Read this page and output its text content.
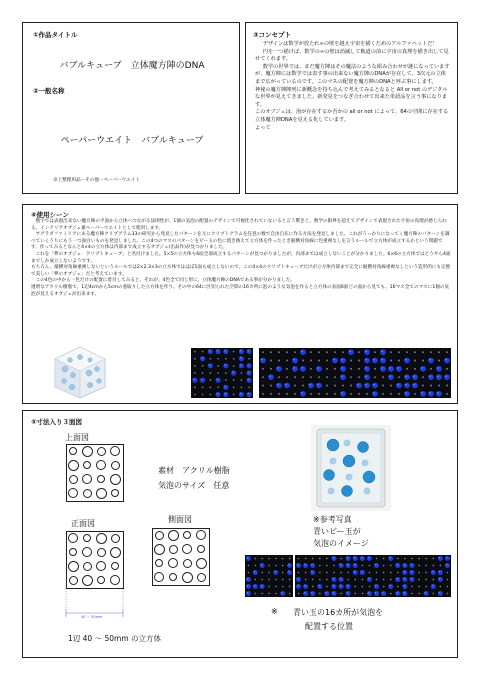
①作品タイトル
バブルキューブ　立体魔方陣のDNA
②一般名称
ペーパーウエイト　バブルキューブ
卓上整理用品－その他－ペーパーウエイト
③コンセプト
デザインは数学が放たれ∞の壁を越え宇宙を描くためのアルファベットだ！
円を一つ描けば、数学の∞の壁は消滅して軌道の前に宇宙の真理を描き出して見せてくれます。
数学の世界では、まだ魔方陣はその魔法のような組み合わせが謎になっていますが、魔方陣には数学では表す事の出来ない魔方陣のDNAが存在して、3次元の立体まで広がっているのです。このマスの配置を魔方陣のDNAと呼ぶ事にします。
神秘の魔方陣陣列に新概念を持ち込んで考えてみるとなると All or not のデジタルな世界が見えてきました。新発見をつなぎ合わせて出来た単語品を言う事になります。
このオブジェは、泡が存在するか否かの all or not によって、64の空間に存在する立体魔方陣DNAを見える化しています。
よって
④使用シーン
数字では表現出来ない魔方陣の平面から立体へつながる法則性が、1個の気泡の配置のデザインで可視化されていないると言う驚きと、数学の限界を超えてデザインで表現された宇宙の真理が感じられる、インテリアオブジェ兼ペーパーウエイトとして使用します。
サグラダファミリアにある魔方陣クリプグラム33の研究から発見したパターンを元にクリプトグラムを任意の数で自由自在に作る方法を発見しました。これがうっかりになってく魔方陣のパターンを調べていくうちにもう一つ面白いものを発見しました。この4つのマスのパターンをビー玉の色に置き換えて立方体を作ったとき縦横対角線に色重複なしを言うルールで立方体が成立するかという問題です。作ってみるとなんと4×4の立方体は内部まで成立するオブジェ(出品作)が見つかりました。
これを「夢のオブジェ　グリプトキューブ」と名付けました。5×5の立方体も6面全部成立するパターンが見つかりましたが、内部までは成立しないことが分かりました。6×6の立方体ではどうやら4面までしか成立しないようです。
もちろん、縦横対角線重複しないというルールでは2×2.3×3の立方体ではほぼ1面も成立しないので、この4×4のクリプトキューブだけが立方体内部まで完全に縦横対角線重複なしという造形的にも完璧で美しい「夢のオブジェ」だと考えています。
この4色の中から一色だけの配置に着目してみると、それが、4色全て同じ形に、立体魔方陣のDNAである事が分かりました。
透明なアクリル樹脂で、1辺4cmから5cmの亜取りした立方体を作り、その中の64に区切られた空間の16カ所に泡のような気泡を作ると立方体の表面6面どの面から見ても、16マス全てのマスに1個の気泡が見えるオブジェが出来ます。
⑤寸法入り３面図
上面図
正面図	側面図
40 ～ 50mm
1辺 40 ～ 50mm の立方体
素材　アクリル樹脂
気泡のサイズ　任意
※参考写真
青いビー玉が
気泡のイメージ
※ 青い玉の16カ所が気泡を
配置する位置
